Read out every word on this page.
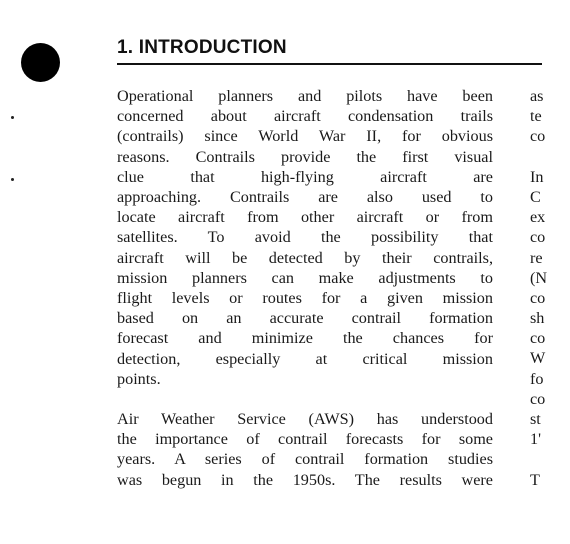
1. INTRODUCTION

Operational planners and pilots have been
concerned about aircraft condensation trails
(contrails) since World War II, for obvious
reasons. Contrails provide the first visual
clue that high-flying aircraft are
approaching. Contrails are also used to
locate aircraft from other aircraft or from
satellites. To avoid the possibility that
aircraft will be detected by their contrails,
mission planners can make adjustments to
flight levels or routes for a given mission
based on an accurate contrail formation
forecast and minimize the chances for
detection, especially at critical mission
points.

Air Weather Service (AWS) has understood
the importance of contrail forecasts for some
years. A series of contrail formation studies
was begun in the 1950s. The results were

as
te
co
In
C
ex
co
re
(N
co
sh
co
W
fo
co
st
1'
T
